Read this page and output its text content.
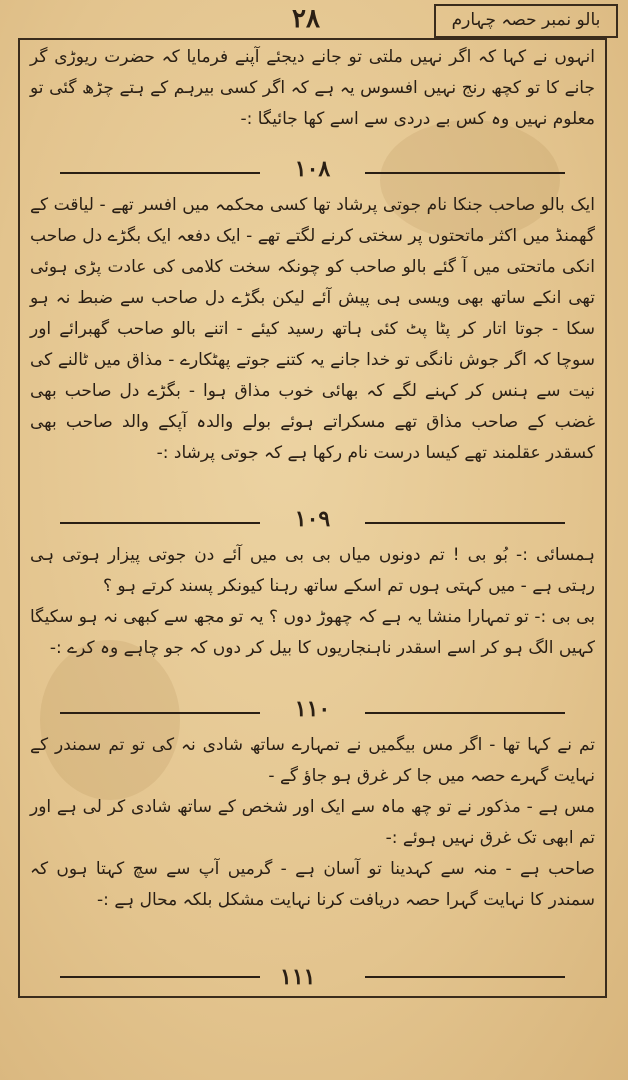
۲۸	بالو نمبر حصہ چہارم

انہوں نے کہا کہ اگر نہیں ملتی تو جانے دیجئے آپنے فرمایا کہ حضرت ریوڑی گر جانے کا تو کچھ رنج نہیں افسوس یہ ہے کہ اگر کسی بیرہم کے ہتے چڑھ گئی تو معلوم نہیں وہ کس بے دردی سے اسے کھا جائیگا :-

۱۰۸

ایک بالو صاحب جنکا نام جوتی پرشاد تھا کسی محکمہ میں افسر تھے - لیاقت کے گھمنڈ میں اکثر ماتحتوں پر سختی کرنے لگتے تھے - ایک دفعہ ایک بگڑے دل صاحب انکی ماتحتی میں آ گئے بالو صاحب کو چونکہ سخت کلامی کی عادت پڑی ہوئی تھی انکے ساتھ بھی ویسی ہی پیش آئے لیکن بگڑے دل صاحب سے ضبط نہ ہو سکا - جوتا اتار کر پٹا پٹ کئی ہاتھ رسید کیئے - اتنے بالو صاحب گھبرائے اور سوچا کہ اگر جوش نانگی تو خدا جانے یہ کتنے جوتے پھٹکارے - مذاق میں ٹالنے کی نیت سے ہنس کر کہنے لگے کہ بھائی خوب مذاق ہوا - بگڑے دل صاحب بھی غضب کے صاحب مذاق تھے مسکراتے ہوئے بولے والدہ آپکے والد صاحب بھی کسقدر عقلمند تھے کیسا درست نام رکھا ہے کہ جوتی پرشاد :-

۱۰۹

ہمسائی :- بُو بی ! تم دونوں میاں بی بی میں آئے دن جوتی پیزار ہوتی ہی رہتی ہے - میں کہتی ہوں تم اسکے ساتھ رہنا کیونکر پسند کرتے ہو ؟

بی بی :- تو تمہارا منشا یہ ہے کہ چھوڑ دوں ؟ یہ تو مجھ سے کبھی نہ ہو سکیگا کہیں الگ ہو کر اسے اسقدر ناہنجاریوں کا بیل کر دوں کہ جو چاہے وہ کرے :-

۱۱۰

تم نے کہا تھا - اگر مس بیگمیں نے تمہارے ساتھ شادی نہ کی تو تم سمندر کے نہایت گہرے حصہ میں جا کر غرق ہو جاؤ گے -

مس ہے - مذکور نے تو چھ ماہ سے ایک اور شخص کے ساتھ شادی کر لی ہے اور تم ابھی تک غرق نہیں ہوئے :-

صاحب ہے - منہ سے کہدینا تو آسان ہے - گرمیں آپ سے سچ کہتا ہوں کہ سمندر کا نہایت گہرا حصہ دریافت کرنا نہایت مشکل بلکہ محال ہے :-

۱۱۱
